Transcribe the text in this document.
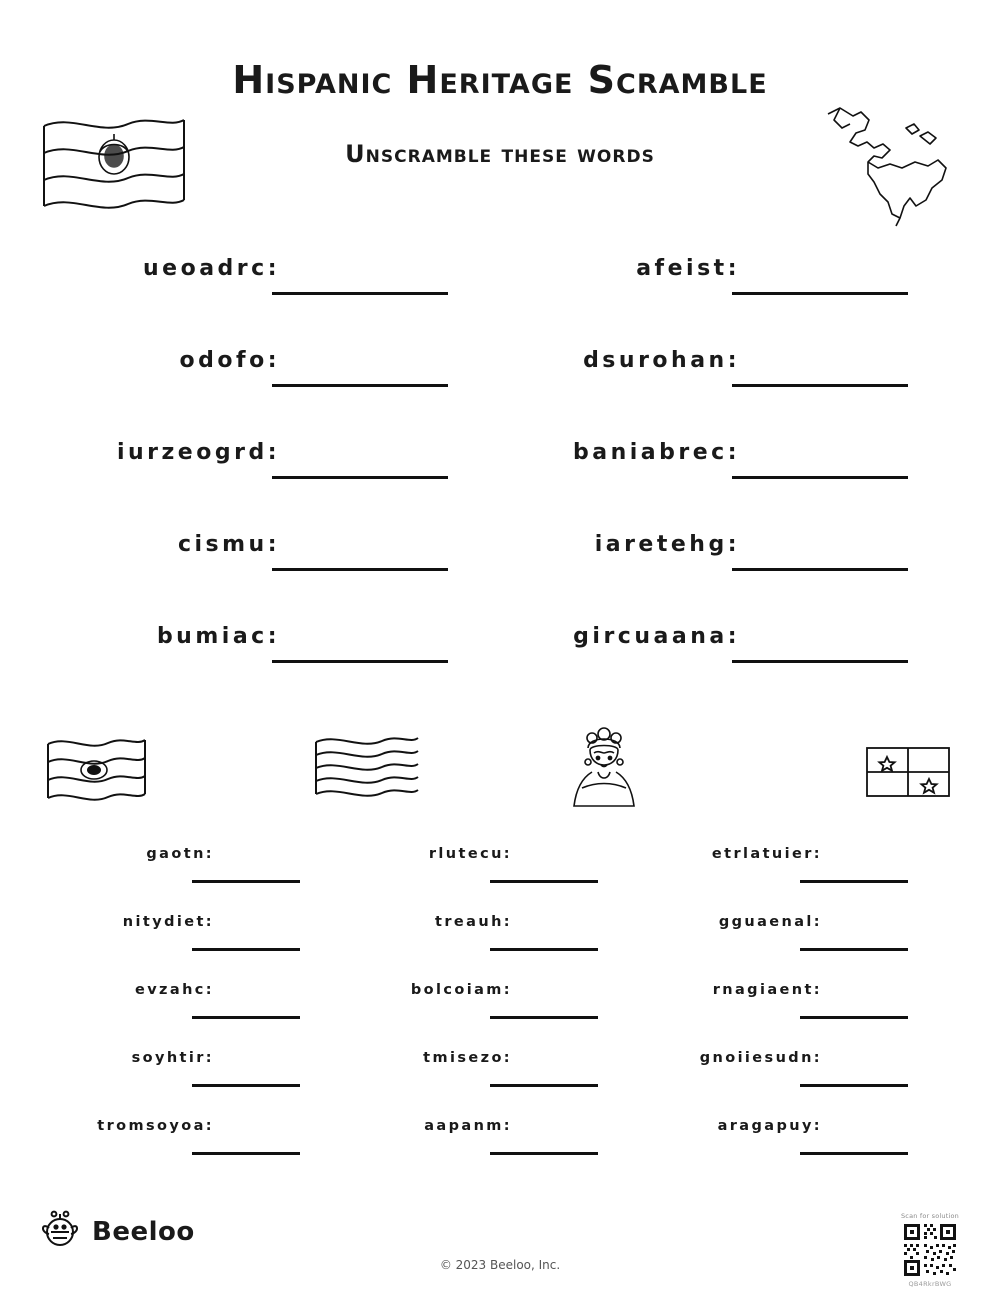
Hispanic Heritage Scramble
Unscramble these words
ueoadrc:
odofo:
iurzeogrd:
cismu:
bumiac:
afeist:
dsurohan:
baniabrec:
iaretehg:
gircuaana:
gaotn:
nitydiet:
evzahc:
soyhtir:
tromsoyoa:
rlutecu:
treauh:
bolcoiam:
tmisezo:
aapanm:
etrlatuier:
gguaenal:
rnagiaent:
gnoiiesudn:
aragapuy:
Beeloo
© 2023 Beeloo, Inc.
Scan for solution
QB4RkrBWG
